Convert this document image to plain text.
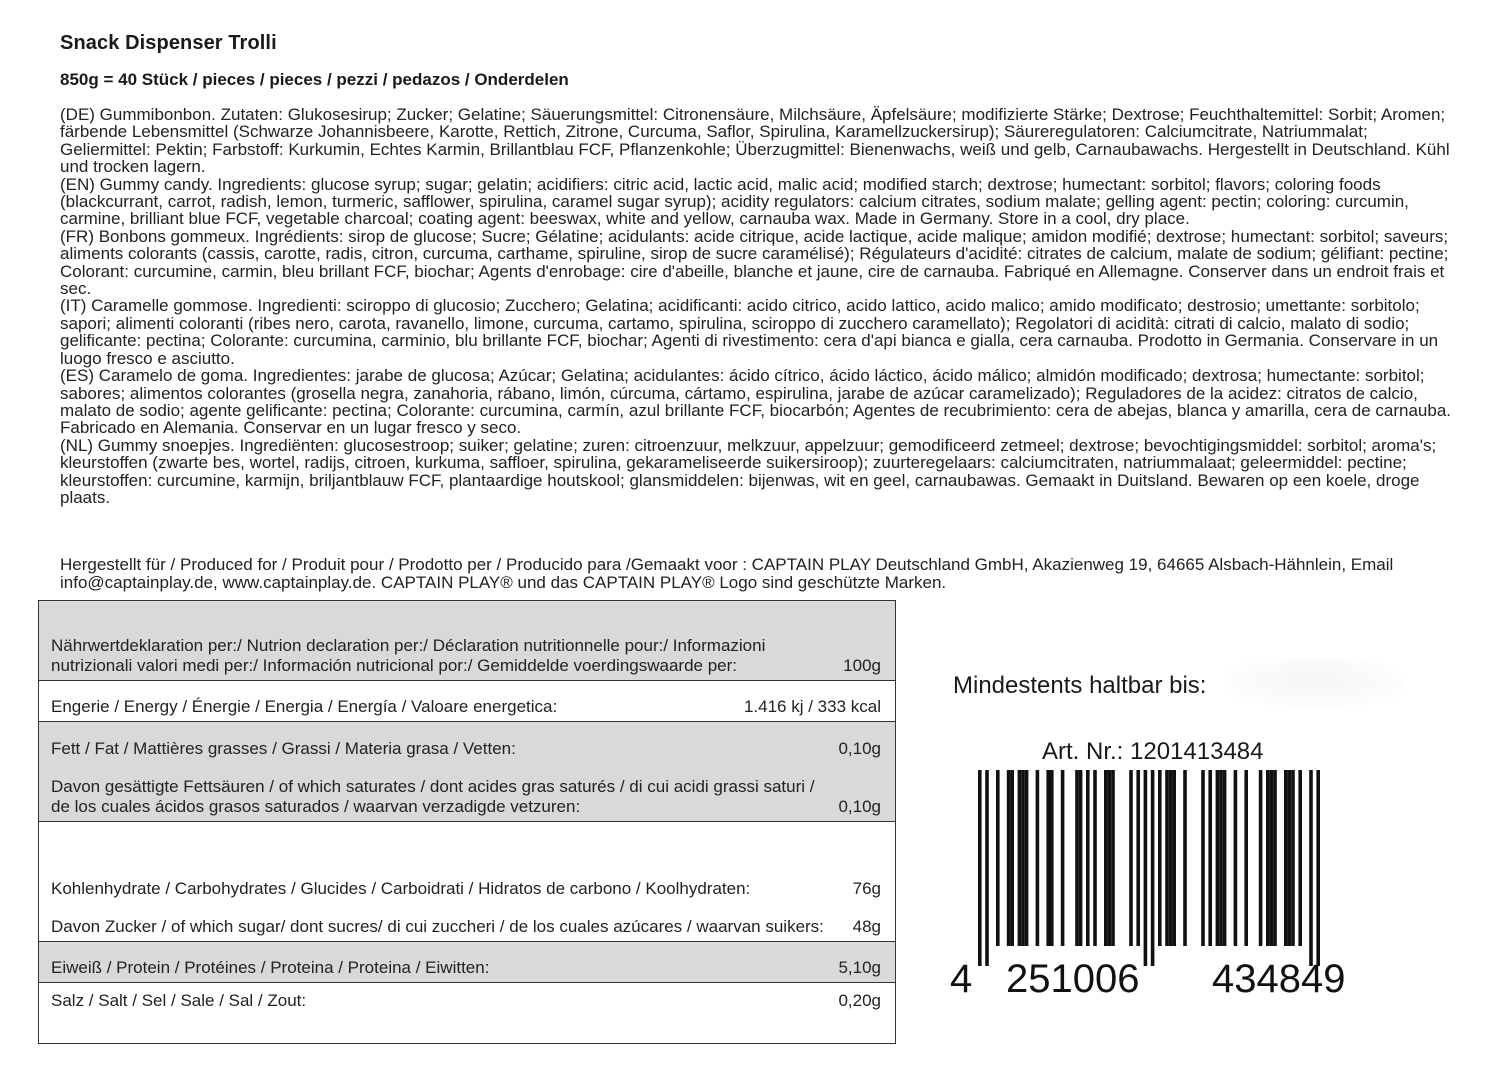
Snack Dispenser Trolli
850g = 40 Stück / pieces / pieces / pezzi / pedazos / Onderdelen

(DE) Gummibonbon. Zutaten: Glukosesirup; Zucker; Gelatine; Säuerungsmittel: Citronensäure, Milchsäure, Äpfelsäure; modifizierte Stärke; Dextrose; Feuchthaltemittel: Sorbit; Aromen; färbende Lebensmittel (Schwarze Johannisbeere, Karotte, Rettich, Zitrone, Curcuma, Saflor, Spirulina, Karamellzuckersirup); Säureregulatoren: Calciumcitrate, Natriummalat; Geliermittel: Pektin; Farbstoff: Kurkumin, Echtes Karmin, Brillantblau FCF, Pflanzenkohle; Überzugmittel: Bienenwachs, weiß und gelb, Carnaubawachs. Hergestellt in Deutschland. Kühl und trocken lagern.

(EN) Gummy candy. Ingredients: glucose syrup; sugar; gelatin; acidifiers: citric acid, lactic acid, malic acid; modified starch; dextrose; humectant: sorbitol; flavors; coloring foods (blackcurrant, carrot, radish, lemon, turmeric, safflower, spirulina, caramel sugar syrup); acidity regulators: calcium citrates, sodium malate; gelling agent: pectin; coloring: curcumin, carmine, brilliant blue FCF, vegetable charcoal; coating agent: beeswax, white and yellow, carnauba wax. Made in Germany. Store in a cool, dry place.

(FR) Bonbons gommeux. Ingrédients: sirop de glucose; Sucre; Gélatine; acidulants: acide citrique, acide lactique, acide malique; amidon modifié; dextrose; humectant: sorbitol; saveurs; aliments colorants (cassis, carotte, radis, citron, curcuma, carthame, spiruline, sirop de sucre caramélisé); Régulateurs d'acidité: citrates de calcium, malate de sodium; gélifiant: pectine; Colorant: curcumine, carmin, bleu brillant FCF, biochar; Agents d'enrobage: cire d'abeille, blanche et jaune, cire de carnauba. Fabriqué en Allemagne. Conserver dans un endroit frais et sec.

(IT) Caramelle gommose. Ingredienti: sciroppo di glucosio; Zucchero; Gelatina; acidificanti: acido citrico, acido lattico, acido malico; amido modificato; destrosio; umettante: sorbitolo; sapori; alimenti coloranti (ribes nero, carota, ravanello, limone, curcuma, cartamo, spirulina, sciroppo di zucchero caramellato); Regolatori di acidità: citrati di calcio, malato di sodio; gelificante: pectina; Colorante: curcumina, carminio, blu brillante FCF, biochar; Agenti di rivestimento: cera d'api bianca e gialla, cera carnauba. Prodotto in Germania. Conservare in un luogo fresco e asciutto.

(ES) Caramelo de goma. Ingredientes: jarabe de glucosa; Azúcar; Gelatina; acidulantes: ácido cítrico, ácido láctico, ácido málico; almidón modificado; dextrosa; humectante: sorbitol; sabores; alimentos colorantes (grosella negra, zanahoria, rábano, limón, cúrcuma, cártamo, espirulina, jarabe de azúcar caramelizado); Reguladores de la acidez: citratos de calcio, malato de sodio; agente gelificante: pectina; Colorante: curcumina, carmín, azul brillante FCF, biocarbón; Agentes de recubrimiento: cera de abejas, blanca y amarilla, cera de carnauba. Fabricado en Alemania. Conservar en un lugar fresco y seco.

(NL) Gummy snoepjes. Ingrediënten: glucosestroop; suiker; gelatine; zuren: citroenzuur, melkzuur, appelzuur; gemodificeerd zetmeel; dextrose; bevochtigingsmiddel: sorbitol; aroma's; kleurstoffen (zwarte bes, wortel, radijs, citroen, kurkuma, saffloer, spirulina, gekarameliseerde suikersiroop); zuurteregelaars: calciumcitraten, natriummalaat; geleermiddel: pectine; kleurstoffen: curcumine, karmijn, briljantblauw FCF, plantaardige houtskool; glansmiddelen: bijenwas, wit en geel, carnaubawas. Gemaakt in Duitsland. Bewaren op een koele, droge plaats.

Hergestellt für / Produced for / Produit pour / Prodotto per / Producido para /Gemaakt voor : CAPTAIN PLAY Deutschland GmbH, Akazienweg 19, 64665 Alsbach-Hähnlein, Email info@captainplay.de, www.captainplay.de. CAPTAIN PLAY® und das CAPTAIN PLAY® Logo sind geschützte Marken.
Nährwertdeklaration per:/ Nutrion declaration per:/ Déclaration nutritionnelle pour:/ Informazioni nutrizionali valori medi per:/ Información nutricional por:/ Gemiddelde voerdingswaarde per:	100g

Engerie / Energy / Énergie / Energia / Energía / Valoare energetica:	1.416 kj / 333 kcal

Fett / Fat / Mattières grasses / Grassi / Materia grasa / Vetten:	0,10g
Davon gesättigte Fettsäuren / of which saturates / dont acides gras saturés / di cui acidi grassi saturi / de los cuales ácidos grasos saturados / waarvan verzadigde vetzuren:	0,10g

Kohlenhydrate / Carbohydrates / Glucides / Carboidrati / Hidratos de carbono / Koolhydraten:	76g
Davon Zucker / of which sugar/ dont sucres/ di cui zuccheri / de los cuales azúcares / waarvan suikers:	48g

Eiweiß / Protein / Protéines / Proteina / Proteina / Eiwitten:	5,10g

Salz / Salt / Sel / Sale / Sal / Zout:	0,20g
Mindestents haltbar bis:
Art. Nr.: 1201413484
4 251006 434849
